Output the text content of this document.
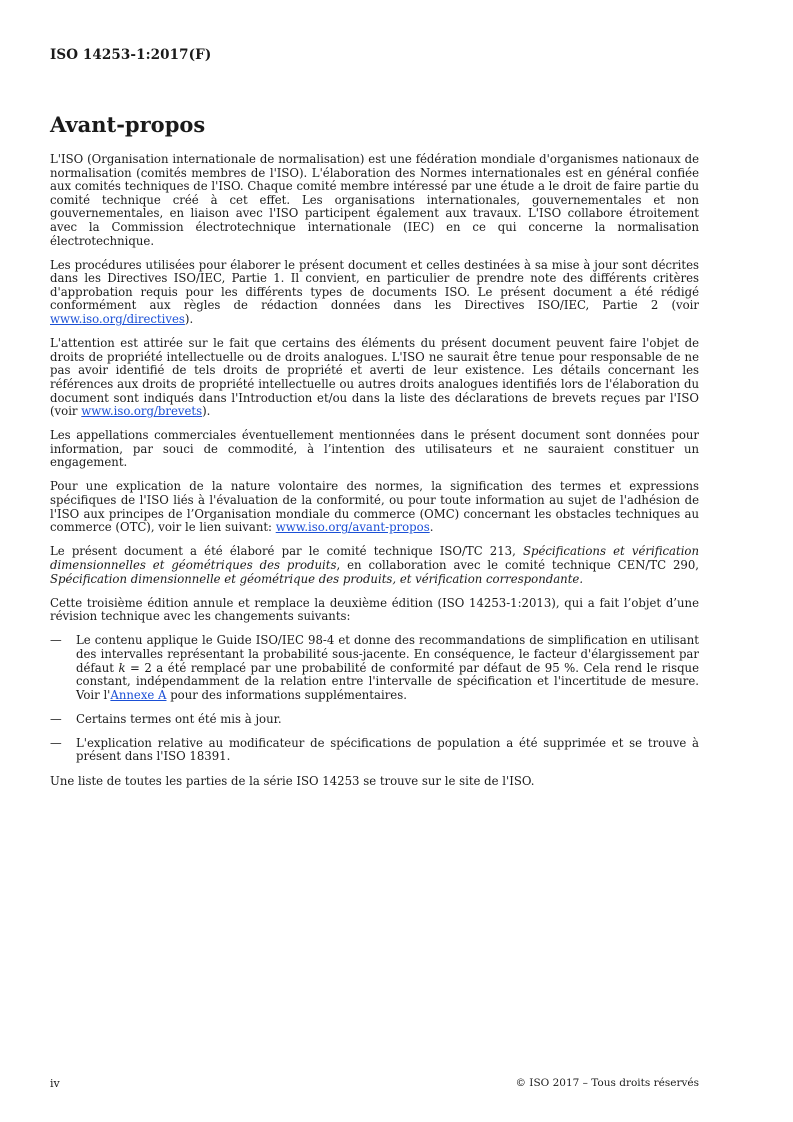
ISO 14253-1:2017(F)
Avant-propos

L'ISO (Organisation internationale de normalisation) est une fédération mondiale d'organismes nationaux de normalisation (comités membres de l'ISO). L'élaboration des Normes internationales est en général confiée aux comités techniques de l'ISO. Chaque comité membre intéressé par une étude a le droit de faire partie du comité technique créé à cet effet. Les organisations internationales, gouvernementales et non gouvernementales, en liaison avec l'ISO participent également aux travaux. L'ISO collabore étroitement avec la Commission électrotechnique internationale (IEC) en ce qui concerne la normalisation électrotechnique.

Les procédures utilisées pour élaborer le présent document et celles destinées à sa mise à jour sont décrites dans les Directives ISO/IEC, Partie 1. Il convient, en particulier de prendre note des différents critères d'approbation requis pour les différents types de documents ISO. Le présent document a été rédigé conformément aux règles de rédaction données dans les Directives ISO/IEC, Partie 2 (voir www.iso.org/directives).

L'attention est attirée sur le fait que certains des éléments du présent document peuvent faire l'objet de droits de propriété intellectuelle ou de droits analogues. L'ISO ne saurait être tenue pour responsable de ne pas avoir identifié de tels droits de propriété et averti de leur existence. Les détails concernant les références aux droits de propriété intellectuelle ou autres droits analogues identifiés lors de l'élaboration du document sont indiqués dans l'Introduction et/ou dans la liste des déclarations de brevets reçues par l'ISO (voir www.iso.org/brevets).

Les appellations commerciales éventuellement mentionnées dans le présent document sont données pour information, par souci de commodité, à l’intention des utilisateurs et ne sauraient constituer un engagement.

Pour une explication de la nature volontaire des normes, la signification des termes et expressions spécifiques de l'ISO liés à l'évaluation de la conformité, ou pour toute information au sujet de l'adhésion de l'ISO aux principes de l’Organisation mondiale du commerce (OMC) concernant les obstacles techniques au commerce (OTC), voir le lien suivant: www.iso.org/avant-propos.

Le présent document a été élaboré par le comité technique ISO/TC 213, Spécifications et vérification dimensionnelles et géométriques des produits, en collaboration avec le comité technique CEN/TC 290, Spécification dimensionnelle et géométrique des produits, et vérification correspondante.

Cette troisième édition annule et remplace la deuxième édition (ISO 14253-1:2013), qui a fait l’objet d’une révision technique avec les changements suivants:

—	Le contenu applique le Guide ISO/IEC 98-4 et donne des recommandations de simplification en utilisant des intervalles représentant la probabilité sous-jacente. En conséquence, le facteur d'élargissement par défaut k = 2 a été remplacé par une probabilité de conformité par défaut de 95 %. Cela rend le risque constant, indépendamment de la relation entre l'intervalle de spécification et l'incertitude de mesure. Voir l'Annexe A pour des informations supplémentaires.
—	Certains termes ont été mis à jour.
—	L'explication relative au modificateur de spécifications de population a été supprimée et se trouve à présent dans l'ISO 18391.

Une liste de toutes les parties de la série ISO 14253 se trouve sur le site de l'ISO.

iv	© ISO 2017 – Tous droits réservés
